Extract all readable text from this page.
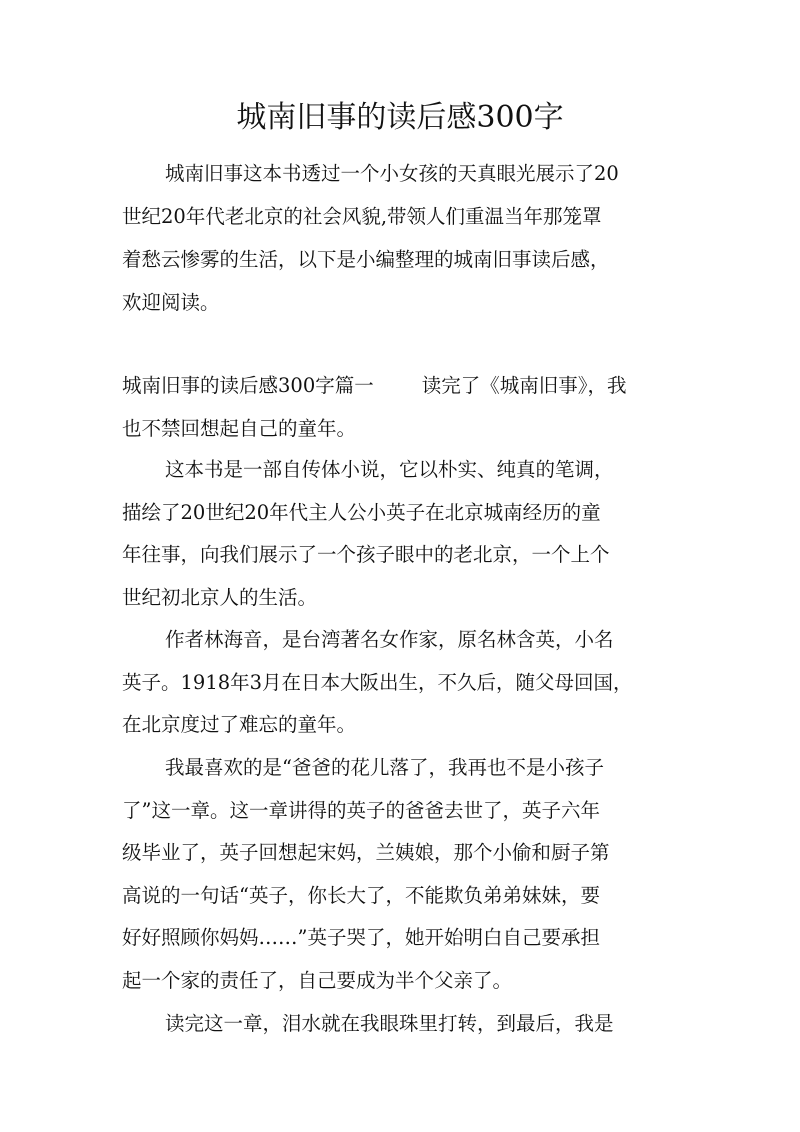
城南旧事的读后感300字
城南旧事这本书透过一个小女孩的天真眼光展示了20
世纪20年代老北京的社会风貌,带领人们重温当年那笼罩
着愁云惨雾的生活，以下是小编整理的城南旧事读后感，
欢迎阅读。
城南旧事的读后感300字篇一 读完了《城南旧事》，我
也不禁回想起自己的童年。
这本书是一部自传体小说，它以朴实、纯真的笔调，
描绘了20世纪20年代主人公小英子在北京城南经历的童
年往事，向我们展示了一个孩子眼中的老北京，一个上个
世纪初北京人的生活。
作者林海音，是台湾著名女作家，原名林含英，小名
英子。1918年3月在日本大阪出生，不久后，随父母回国，
在北京度过了难忘的童年。
我最喜欢的是“爸爸的花儿落了，我再也不是小孩子
了”这一章。这一章讲得的英子的爸爸去世了，英子六年
级毕业了，英子回想起宋妈，兰姨娘，那个小偷和厨子第
高说的一句话“英子，你长大了，不能欺负弟弟妹妹，要
好好照顾你妈妈……”英子哭了，她开始明白自己要承担
起一个家的责任了，自己要成为半个父亲了。
读完这一章，泪水就在我眼珠里打转，到最后，我是
